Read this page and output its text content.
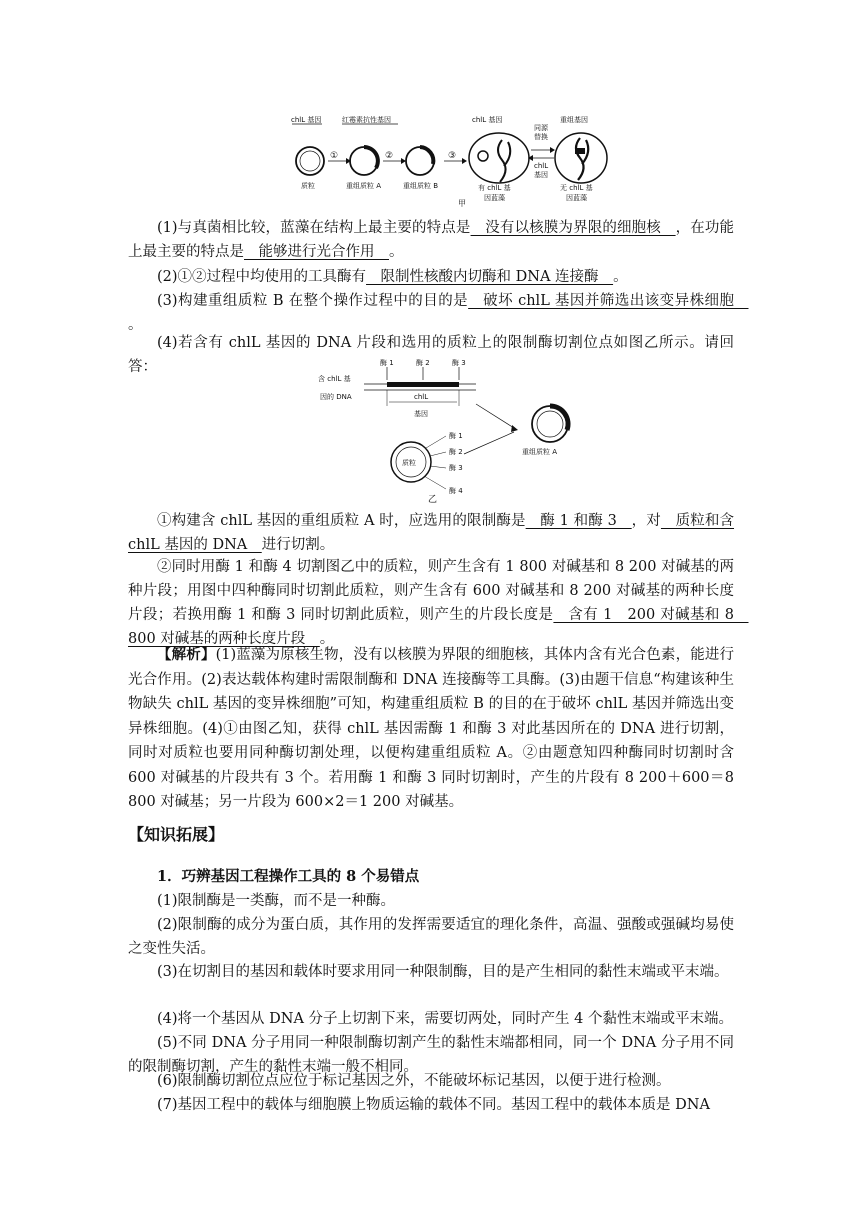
chlL 基因	红霉素抗性基因
质粒
①
重组质粒 A
②
重组质粒 B
③
chlL 基因
有 chlL 基
因蓝藻
同源
替换
chlL
基因
重组基因
无 chlL 基
因蓝藻
甲

(1)与真菌相比较，蓝藻在结构上最主要的特点是　没有以核膜为界限的细胞核　，在功能上最主要的特点是　能够进行光合作用　。

(2)①②过程中均使用的工具酶有　限制性核酸内切酶和 DNA 连接酶　。

(3)构建重组质粒 B 在整个操作过程中的目的是　破坏 chlL 基因并筛选出该变异株细胞　。

(4)若含有 chlL 基因的 DNA 片段和选用的质粒上的限制酶切割位点如图乙所示。请回答：	酶 1	酶 2	酶 3
含 chlL 基
因的 DNA	chlL
基因
质粒
酶 1
酶 2
酶 3
酶 4
乙
重组质粒 A

①构建含 chlL 基因的重组质粒 A 时，应选用的限制酶是　酶 1 和酶 3　，对　质粒和含 chlL 基因的 DNA　进行切割。

②同时用酶 1 和酶 4 切割图乙中的质粒，则产生含有 1 800 对碱基和 8 200 对碱基的两种片段；用图中四种酶同时切割此质粒，则产生含有 600 对碱基和 8 200 对碱基的两种长度片段；若换用酶 1 和酶 3 同时切割此质粒，则产生的片段长度是　含有 1　200 对碱基和 8　800 对碱基的两种长度片段　。

【解析】(1)蓝藻为原核生物，没有以核膜为界限的细胞核，其体内含有光合色素，能进行光合作用。(2)表达载体构建时需限制酶和 DNA 连接酶等工具酶。(3)由题干信息“构建该种生物缺失 chlL 基因的变异株细胞”可知，构建重组质粒 B 的目的在于破坏 chlL 基因并筛选出变异株细胞。(4)①由图乙知，获得 chlL 基因需酶 1 和酶 3 对此基因所在的 DNA 进行切割，同时对质粒也要用同种酶切割处理，以便构建重组质粒 A。②由题意知四种酶同时切割时含 600 对碱基的片段共有 3 个。若用酶 1 和酶 3 同时切割时，产生的片段有 8 200＋600＝8 800 对碱基；另一片段为 600×2＝1 200 对碱基。

【知识拓展】

1．巧辨基因工程操作工具的 8 个易错点

(1)限制酶是一类酶，而不是一种酶。

(2)限制酶的成分为蛋白质，其作用的发挥需要适宜的理化条件，高温、强酸或强碱均易使之变性失活。

(3)在切割目的基因和载体时要求用同一种限制酶，目的是产生相同的黏性末端或平末端。

(4)将一个基因从 DNA 分子上切割下来，需要切两处，同时产生 4 个黏性末端或平末端。

(5)不同 DNA 分子用同一种限制酶切割产生的黏性末端都相同，同一个 DNA 分子用不同的限制酶切割，产生的黏性末端一般不相同。

(6)限制酶切割位点应位于标记基因之外，不能破坏标记基因，以便于进行检测。

(7)基因工程中的载体与细胞膜上物质运输的载体不同。基因工程中的载体本质是 DNA
